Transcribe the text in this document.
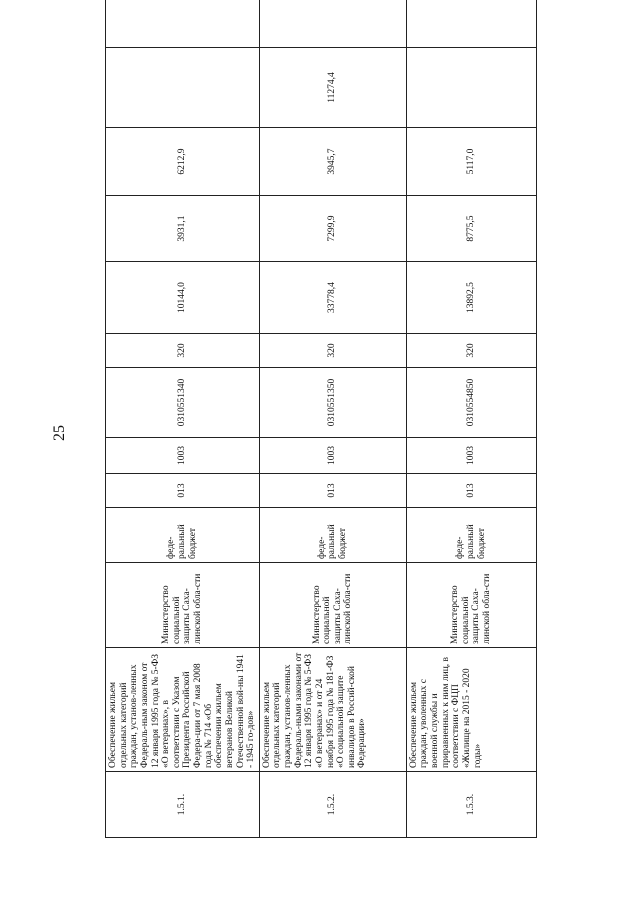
25
1.5.1.	Обеспечение жильем отдельных категорий граждан, установ-ленных Федераль-ным законом от 12 января 1995 года № 5-ФЗ «О ветеранах», в соответствии с Указом Президента Российской Федера-ции от 7 мая 2008 года № 714 «Об обеспечении жильем ветеранов Великой Отечественной вой-ны 1941 - 1945 го-дов»	Министерство социальной защиты Саха-линской обла-сти	феде-ральный бюджет	013	1003	0310551340	320	10144,0	3931,1	6212,9		
1.5.2.	Обеспечение жильем отдельных категорий граждан, установ-ленных Федераль-ными законами от 12 января 1995 года № 5-ФЗ «О ветеранах» и от 24 ноября 1995 года № 181-ФЗ «О социальной защите инвалидов в Россий-ской Федерации»	Министерство социальной защиты Саха-линской обла-сти	феде-ральный бюджет	013	1003	0310551350	320	33778,4	7299,9	3945,7	11274,4	
1.5.3.	Обеспечение жильем граждан, уволенных с военной службы и приравненных к ним лиц, в соответствии с ФЦП «Жилище на 2015 - 2020 годы»	Министерство социальной защиты Саха-линской обла-сти	феде-ральный бюджет	013	1003	0310554850	320	13892,5	8775,5	5117,0		
